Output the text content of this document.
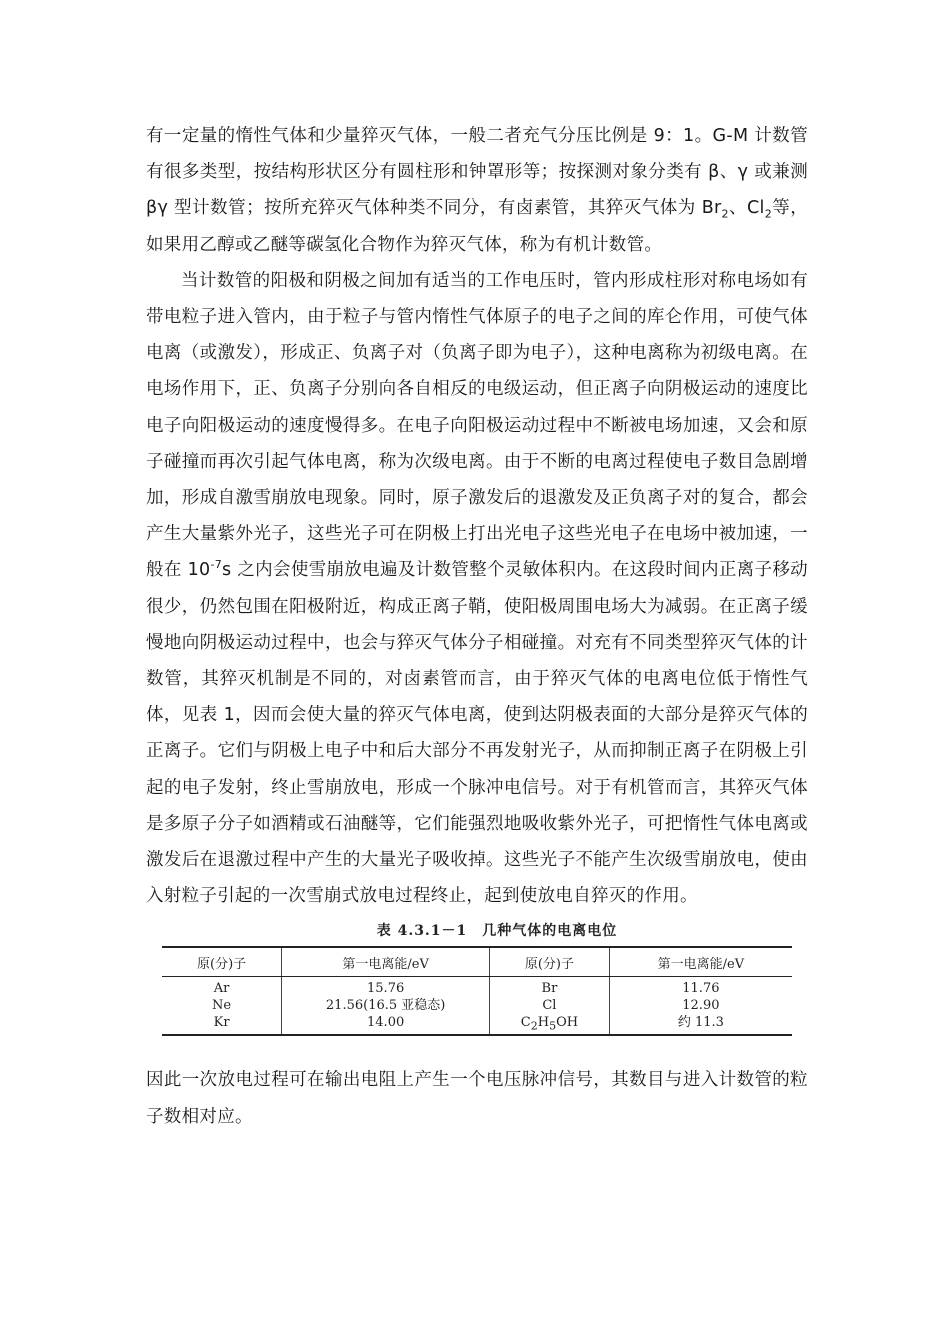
有一定量的惰性气体和少量猝灭气体，一般二者充气分压比例是 9：1。G-M 计数管有很多类型，按结构形状区分有圆柱形和钟罩形等；按探测对象分类有 β、γ 或兼测 βγ 型计数管；按所充猝灭气体种类不同分，有卤素管，其猝灭气体为 $Br_2$、$Cl_2$等，如果用乙醇或乙醚等碳氢化合物作为猝灭气体，称为有机计数管。

当计数管的阳极和阴极之间加有适当的工作电压时，管内形成柱形对称电场如有带电粒子进入管内，由于粒子与管内惰性气体原子的电子之间的库仑作用，可使气体电离（或激发），形成正、负离子对（负离子即为电子），这种电离称为初级电离。在电场作用下，正、负离子分别向各自相反的电级运动，但正离子向阴极运动的速度比电子向阳极运动的速度慢得多。在电子向阳极运动过程中不断被电场加速，又会和原子碰撞而再次引起气体电离，称为次级电离。由于不断的电离过程使电子数目急剧增加，形成自激雪崩放电现象。同时，原子激发后的退激发及正负离子对的复合，都会产生大量紫外光子，这些光子可在阴极上打出光电子这些光电子在电场中被加速，一般在 $10^{-7}s$ 之内会使雪崩放电遍及计数管整个灵敏体积内。在这段时间内正离子移动很少，仍然包围在阳极附近，构成正离子鞘，使阳极周围电场大为减弱。在正离子缓慢地向阴极运动过程中，也会与猝灭气体分子相碰撞。对充有不同类型猝灭气体的计数管，其猝灭机制是不同的，对卤素管而言，由于猝灭气体的电离电位低于惰性气体，见表 1，因而会使大量的猝灭气体电离，使到达阴极表面的大部分是猝灭气体的正离子。它们与阴极上电子中和后大部分不再发射光子，从而抑制正离子在阴极上引起的电子发射，终止雪崩放电，形成一个脉冲电信号。对于有机管而言，其猝灭气体是多原子分子如酒精或石油醚等，它们能强烈地吸收紫外光子，可把惰性气体电离或激发后在退激过程中产生的大量光子吸收掉。这些光子不能产生次级雪崩放电，使由入射粒子引起的一次雪崩式放电过程终止，起到使放电自猝灭的作用。

表 4.3.1－1　几种气体的电离电位
原(分)子	第一电离能/eV	原(分)子	第一电离能/eV
Ar	15.76	Br	11.76
Ne	21.56(16.5 亚稳态)	Cl	12.90
Kr	14.00	$C_2H_5OH$	约 11.3

因此一次放电过程可在输出电阻上产生一个电压脉冲信号，其数目与进入计数管的粒子数相对应。
